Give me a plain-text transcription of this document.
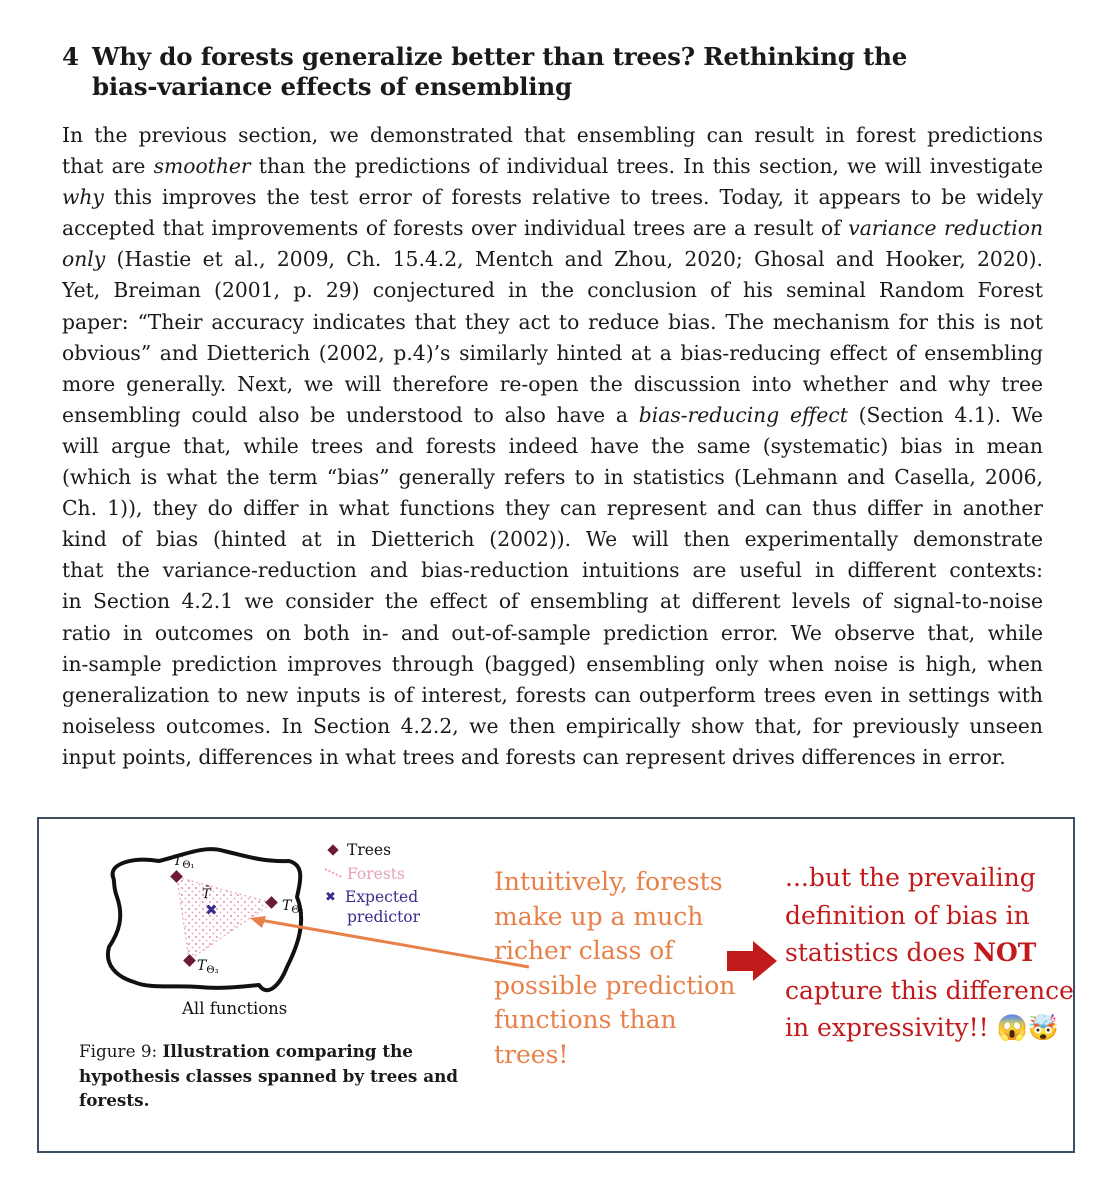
4 Why do forests generalize better than trees? Rethinking the
bias-variance effects of ensembling
In the previous section, we demonstrated that ensembling can result in forest predictions
that are smoother than the predictions of individual trees. In this section, we will investigate
why this improves the test error of forests relative to trees. Today, it appears to be widely
accepted that improvements of forests over individual trees are a result of variance reduction
only (Hastie et al., 2009, Ch. 15.4.2, Mentch and Zhou, 2020; Ghosal and Hooker, 2020).
Yet, Breiman (2001, p. 29) conjectured in the conclusion of his seminal Random Forest
paper: “Their accuracy indicates that they act to reduce bias. The mechanism for this is not
obvious” and Dietterich (2002, p.4)’s similarly hinted at a bias-reducing effect of ensembling
more generally. Next, we will therefore re-open the discussion into whether and why tree
ensembling could also be understood to also have a bias-reducing effect (Section 4.1). We
will argue that, while trees and forests indeed have the same (systematic) bias in mean
(which is what the term “bias” generally refers to in statistics (Lehmann and Casella, 2006,
Ch. 1)), they do differ in what functions they can represent and can thus differ in another
kind of bias (hinted at in Dietterich (2002)). We will then experimentally demonstrate
that the variance-reduction and bias-reduction intuitions are useful in different contexts:
in Section 4.2.1 we consider the effect of ensembling at different levels of signal-to-noise
ratio in outcomes on both in- and out-of-sample prediction error. We observe that, while
in-sample prediction improves through (bagged) ensembling only when noise is high, when
generalization to new inputs is of interest, forests can outperform trees even in settings with
noiseless outcomes. In Section 4.2.2, we then empirically show that, for previously unseen
input points, differences in what trees and forests can represent drives differences in error.
✖
$T_{\Theta_1}$
$T_{\Theta_2}$
$T_{\Theta_3}$
T̄
All functions
Trees
Forests
✖ Expected predictor
Figure 9: Illustration comparing the hypothesis classes spanned by trees and forests.
Intuitively, forests make up a much richer class of possible prediction functions than trees!
...but the prevailing definition of bias in statistics does NOT capture this difference in expressivity!! 😱🤯
